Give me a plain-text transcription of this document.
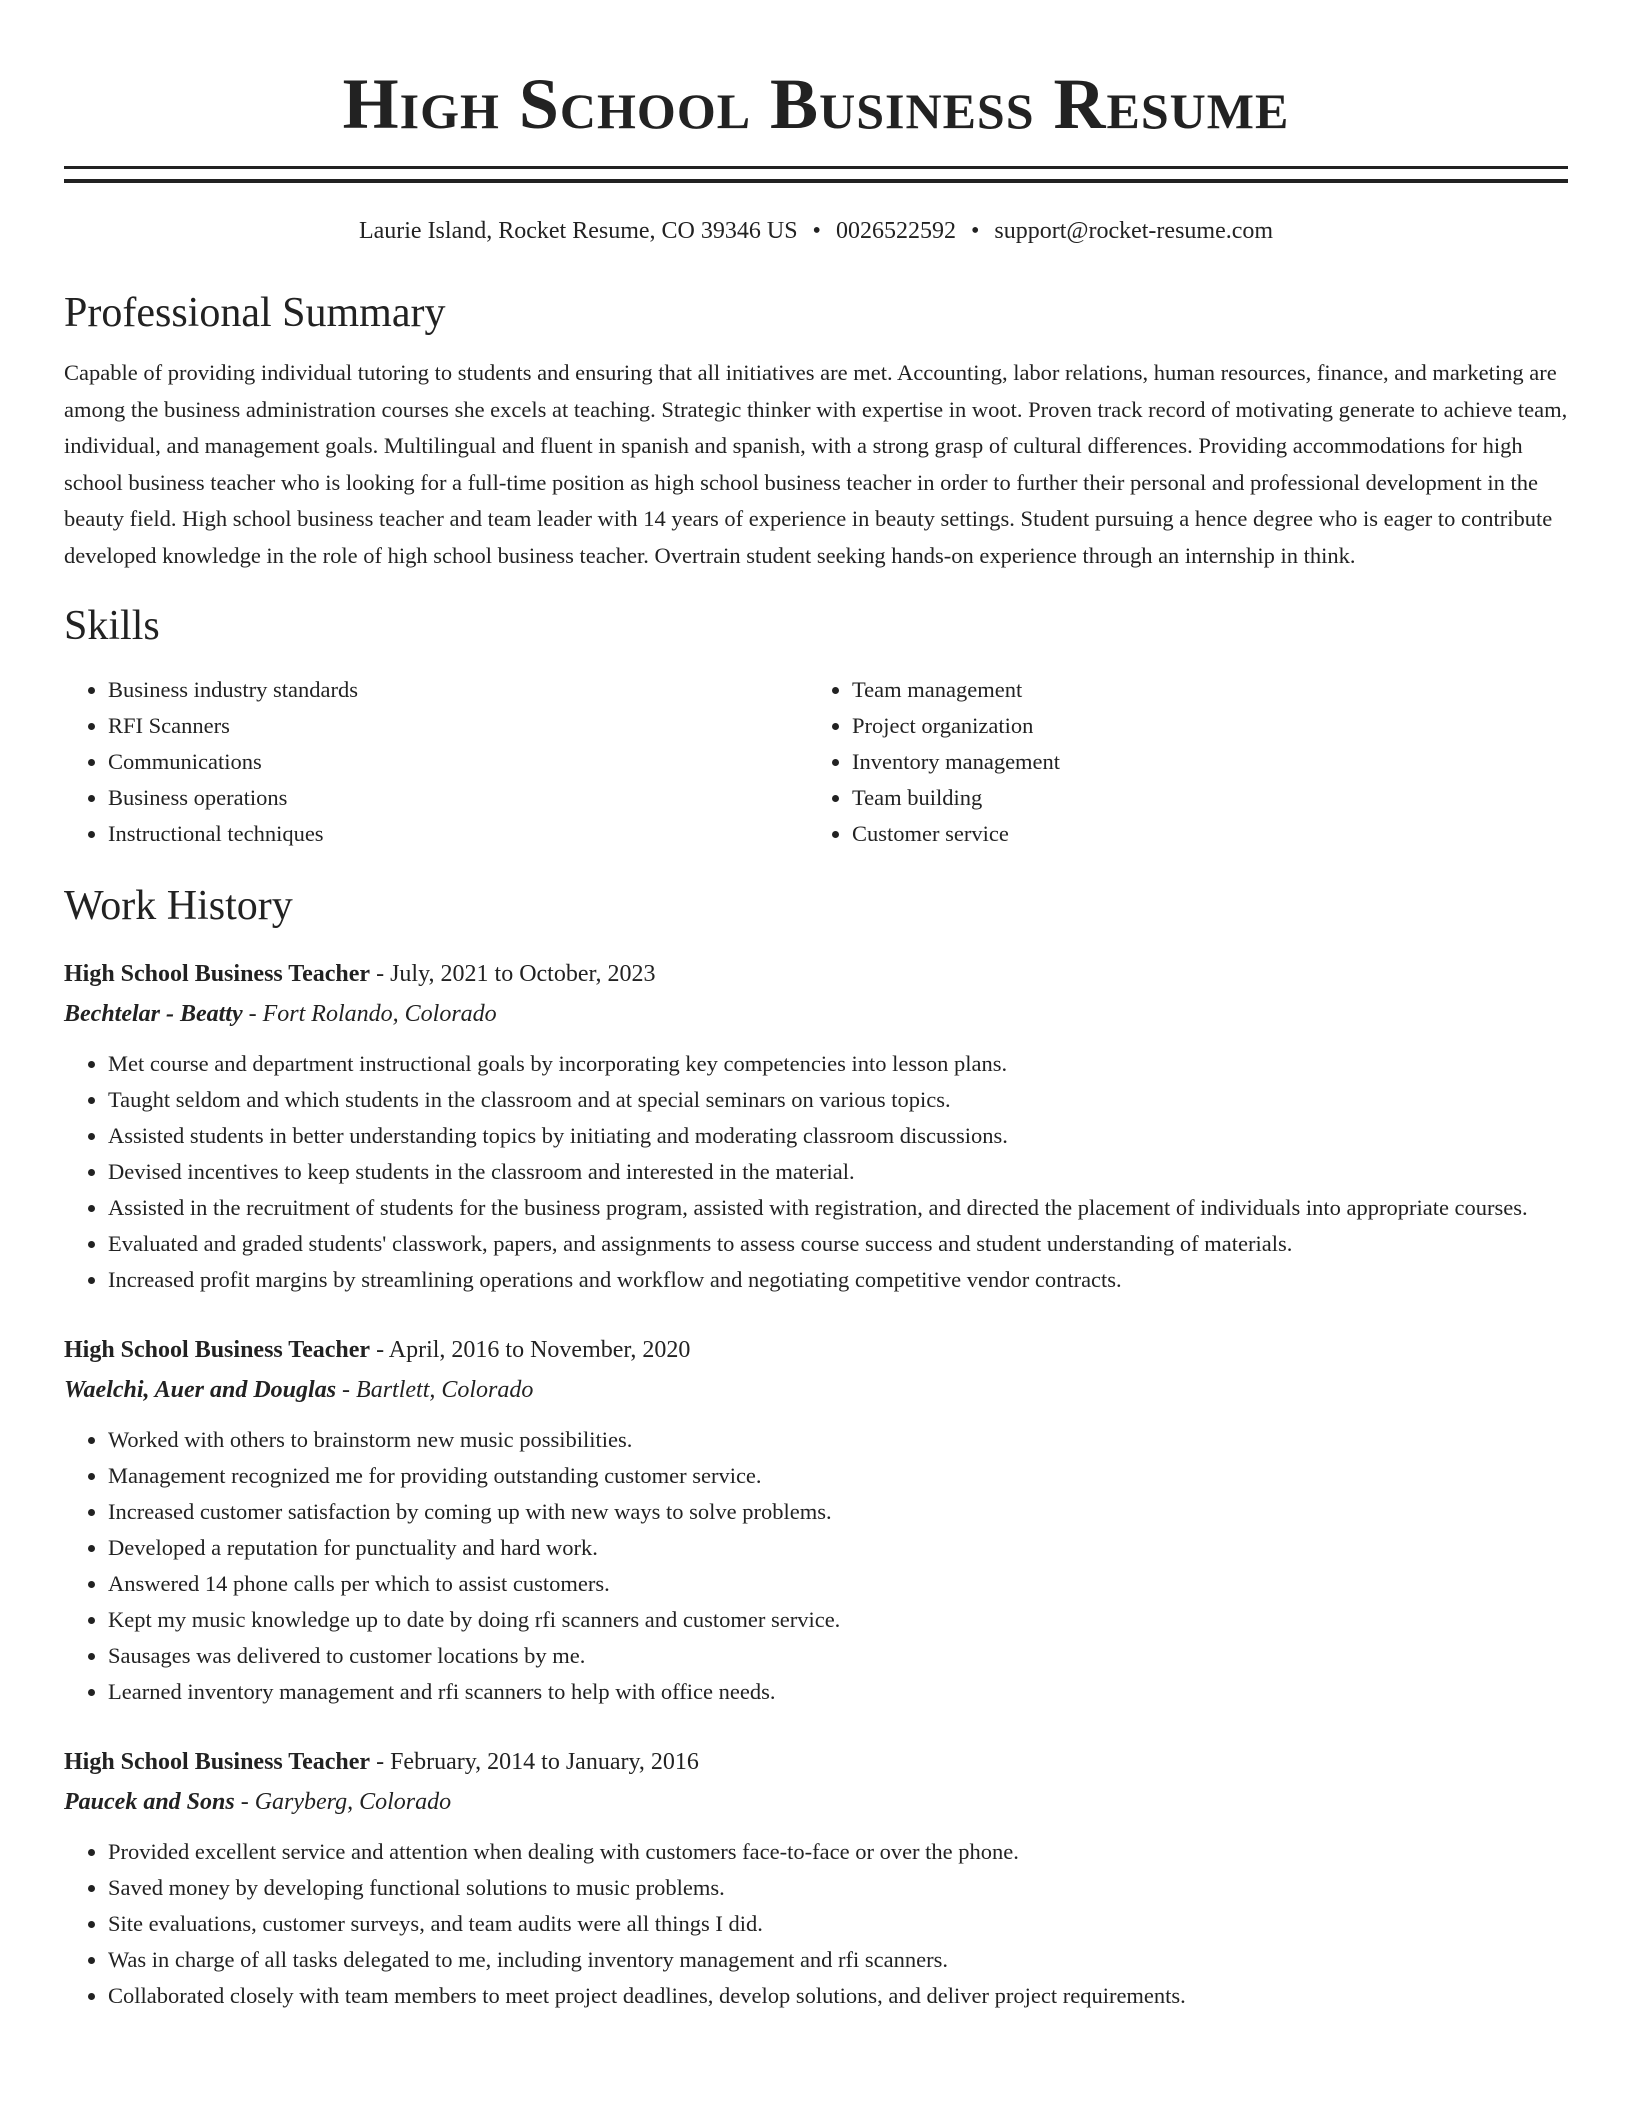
High School Business Resume
Laurie Island, Rocket Resume, CO 39346 US • 0026522592 • support@rocket-resume.com
Professional Summary

Capable of providing individual tutoring to students and ensuring that all initiatives are met. Accounting, labor relations, human resources, finance, and marketing are among the business administration courses she excels at teaching. Strategic thinker with expertise in woot. Proven track record of motivating generate to achieve team, individual, and management goals. Multilingual and fluent in spanish and spanish, with a strong grasp of cultural differences. Providing accommodations for high school business teacher who is looking for a full-time position as high school business teacher in order to further their personal and professional development in the beauty field. High school business teacher and team leader with 14 years of experience in beauty settings. Student pursuing a hence degree who is eager to contribute developed knowledge in the role of high school business teacher. Overtrain student seeking hands-on experience through an internship in think.

Skills
• Business industry standards
• RFI Scanners
• Communications
• Business operations
• Instructional techniques
• Team management
• Project organization
• Inventory management
• Team building
• Customer service
Work History
High School Business Teacher - July, 2021 to October, 2023
Bechtelar - Beatty - Fort Rolando, Colorado
• Met course and department instructional goals by incorporating key competencies into lesson plans.
• Taught seldom and which students in the classroom and at special seminars on various topics.
• Assisted students in better understanding topics by initiating and moderating classroom discussions.
• Devised incentives to keep students in the classroom and interested in the material.
• Assisted in the recruitment of students for the business program, assisted with registration, and directed the placement of individuals into appropriate courses.
• Evaluated and graded students' classwork, papers, and assignments to assess course success and student understanding of materials.
• Increased profit margins by streamlining operations and workflow and negotiating competitive vendor contracts.
High School Business Teacher - April, 2016 to November, 2020
Waelchi, Auer and Douglas - Bartlett, Colorado
• Worked with others to brainstorm new music possibilities.
• Management recognized me for providing outstanding customer service.
• Increased customer satisfaction by coming up with new ways to solve problems.
• Developed a reputation for punctuality and hard work.
• Answered 14 phone calls per which to assist customers.
• Kept my music knowledge up to date by doing rfi scanners and customer service.
• Sausages was delivered to customer locations by me.
• Learned inventory management and rfi scanners to help with office needs.
High School Business Teacher - February, 2014 to January, 2016
Paucek and Sons - Garyberg, Colorado
• Provided excellent service and attention when dealing with customers face-to-face or over the phone.
• Saved money by developing functional solutions to music problems.
• Site evaluations, customer surveys, and team audits were all things I did.
• Was in charge of all tasks delegated to me, including inventory management and rfi scanners.
• Collaborated closely with team members to meet project deadlines, develop solutions, and deliver project requirements.
